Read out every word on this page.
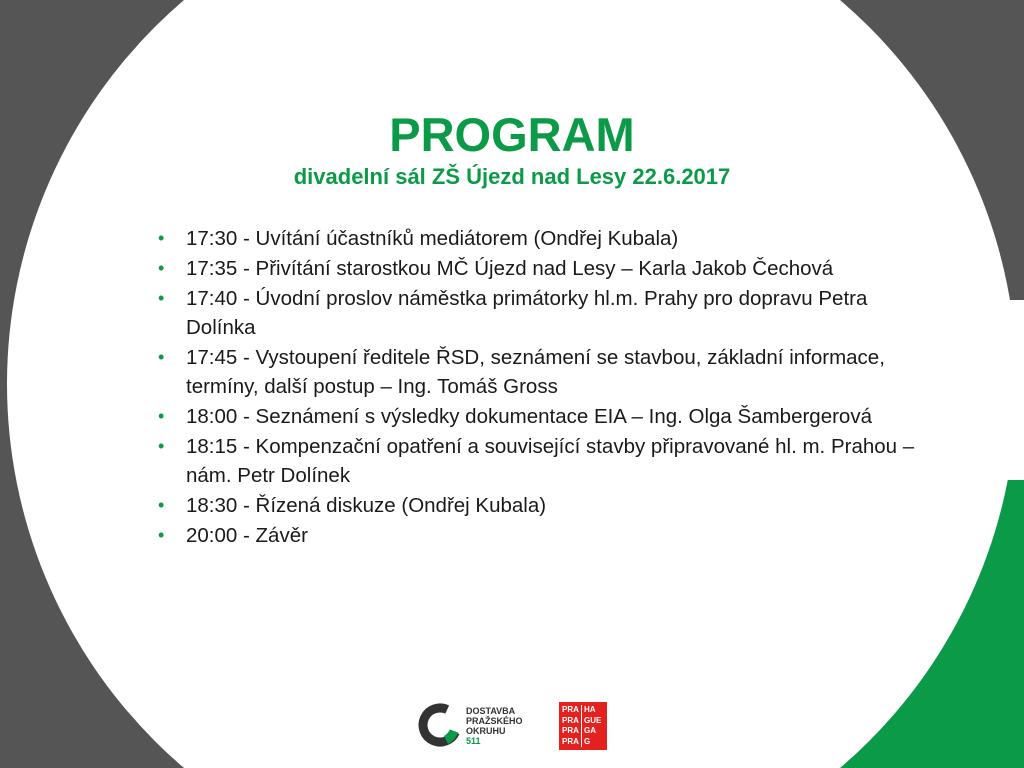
PROGRAM
divadelní sál ZŠ Újezd nad Lesy 22.6.2017
• 17:30 - Uvítání účastníků mediátorem (Ondřej Kubala)
• 17:35 - Přivítání starostkou MČ Újezd nad Lesy – Karla Jakob Čechová
• 17:40 - Úvodní proslov náměstka primátorky hl.m. Prahy pro dopravu Petra Dolínka
• 17:45 - Vystoupení ředitele ŘSD, seznámení se stavbou, základní informace, termíny, další postup – Ing. Tomáš Gross
• 18:00 - Seznámení s výsledky dokumentace EIA – Ing. Olga Šambergerová
• 18:15 - Kompenzační opatření a související stavby připravované hl. m. Prahou – nám. Petr Dolínek
• 18:30 - Řízená diskuze (Ondřej Kubala)
• 20:00 - Závěr
DOSTAVBA
PRAŽSKÉHO
OKRUHU
511
PRA HA
PRA GUE
PRA GA
PRA G
